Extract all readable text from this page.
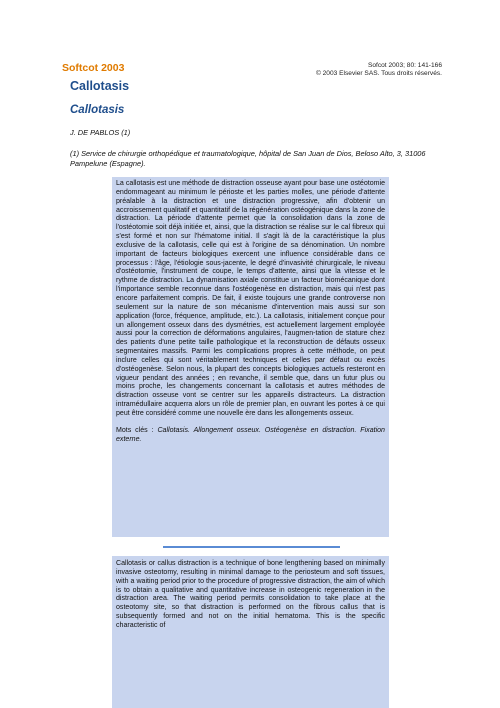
Softcot 2003	Sofcot 2003; 80: 141-166
© 2003 Elsevier SAS. Tous droits réservés.
Callotasis
Callotasis
J. DE PABLOS (1)
(1) Service de chirurgie orthopédique et traumatologique, hôpital de San Juan de Dios, Beloso Alto, 3, 31006 Pampelune (Espagne).

La callotasis est une méthode de distraction osseuse ayant pour base une ostéotomie endommageant au minimum le périoste et les parties molles, une période d'attente préalable à la distraction et une distraction progressive, afin d'obtenir un accroissement qualitatif et quantitatif de la régénération ostéogénique dans la zone de distraction. La période d'attente permet que la consolidation dans la zone de l'ostéotomie soit déjà initiée et, ainsi, que la distraction se réalise sur le cal fibreux qui s'est formé et non sur l'hématome initial. Il s'agit là de la caractéristique la plus exclusive de la callotasis, celle qui est à l'origine de sa dénomination. Un nombre important de facteurs biologiques exercent une influence considérable dans ce processus : l'âge, l'étiologie sous-jacente, le degré d'invasivité chirurgicale, le niveau d'ostéotomie, l'instrument de coupe, le temps d'attente, ainsi que la vitesse et le rythme de distraction. La dynamisation axiale constitue un facteur biomécanique dont l'importance semble reconnue dans l'ostéogenèse en distraction, mais qui n'est pas encore parfaitement compris. De fait, il existe toujours une grande controverse non seulement sur la nature de son mécanisme d'intervention mais aussi sur son application (force, fréquence, amplitude, etc.). La callotasis, initialement conçue pour un allongement osseux dans des dysmétries, est actuellement largement employée aussi pour la correction de déformations angulaires, l'augmen-tation de stature chez des patients d'une petite taille pathologique et la reconstruction de défauts osseux segmentaires massifs. Parmi les complications propres à cette méthode, on peut inclure celles qui sont véritablement techniques et celles par défaut ou excès d'ostéogenèse. Selon nous, la plupart des concepts biologiques actuels resteront en vigueur pendant des années ; en revanche, il semble que, dans un futur plus ou moins proche, les changements concernant la callotasis et autres méthodes de distraction osseuse vont se centrer sur les appareils distracteurs. La distraction intramédullaire acquerra alors un rôle de premier plan, en ouvrant les portes à ce qui peut être considéré comme une nouvelle ère dans les allongements osseux.

Mots clés : Callotasis. Allongement osseux. Ostéogenèse en distraction. Fixation externe.

Callotasis or callus distraction is a technique of bone lengthening based on minimally invasive osteotomy, resulting in minimal damage to the periosteum and soft tissues, with a waiting period prior to the procedure of progressive distraction, the aim of which is to obtain a qualitative and quantitative increase in osteogenic regeneration in the distraction area. The waiting period permits consolidation to take place at the osteotomy site, so that distraction is performed on the fibrous callus that is subsequently formed and not on the initial hematoma. This is the specific characteristic of
